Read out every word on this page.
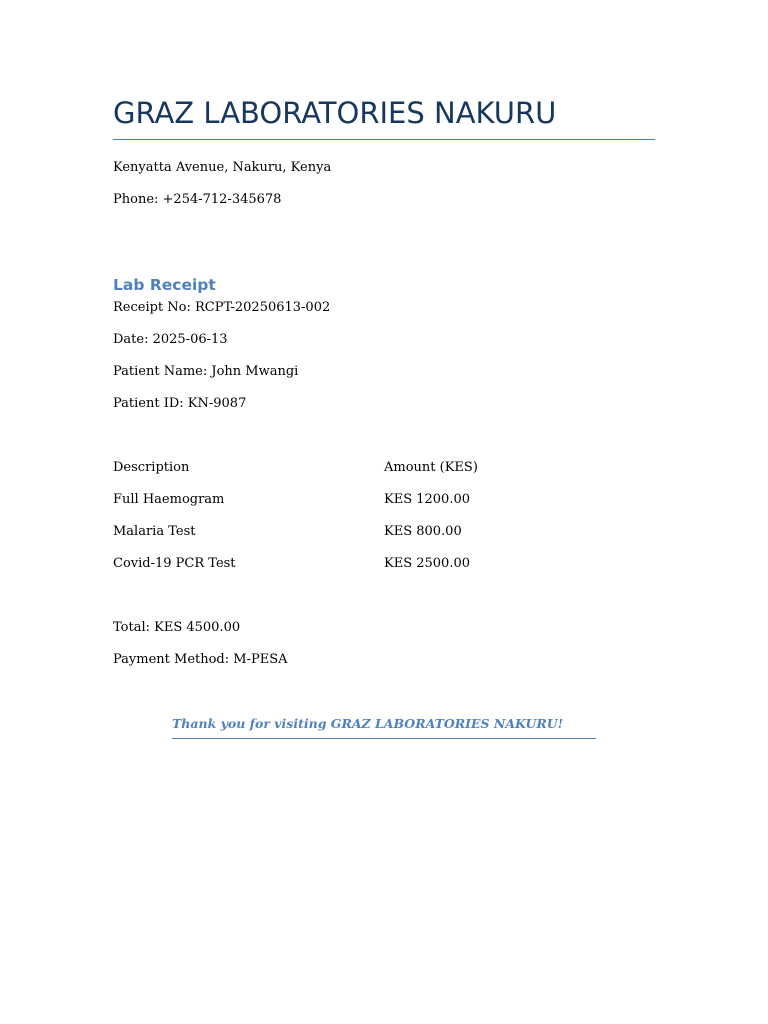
GRAZ LABORATORIES NAKURU
Kenyatta Avenue, Nakuru, Kenya
Phone: +254-712-345678
Lab Receipt
Receipt No: RCPT-20250613-002
Date: 2025-06-13
Patient Name: John Mwangi
Patient ID: KN-9087
Description	Amount (KES)
Full Haemogram	KES 1200.00
Malaria Test	KES 800.00
Covid-19 PCR Test	KES 2500.00
Total: KES 4500.00
Payment Method: M-PESA
Thank you for visiting GRAZ LABORATORIES NAKURU!
